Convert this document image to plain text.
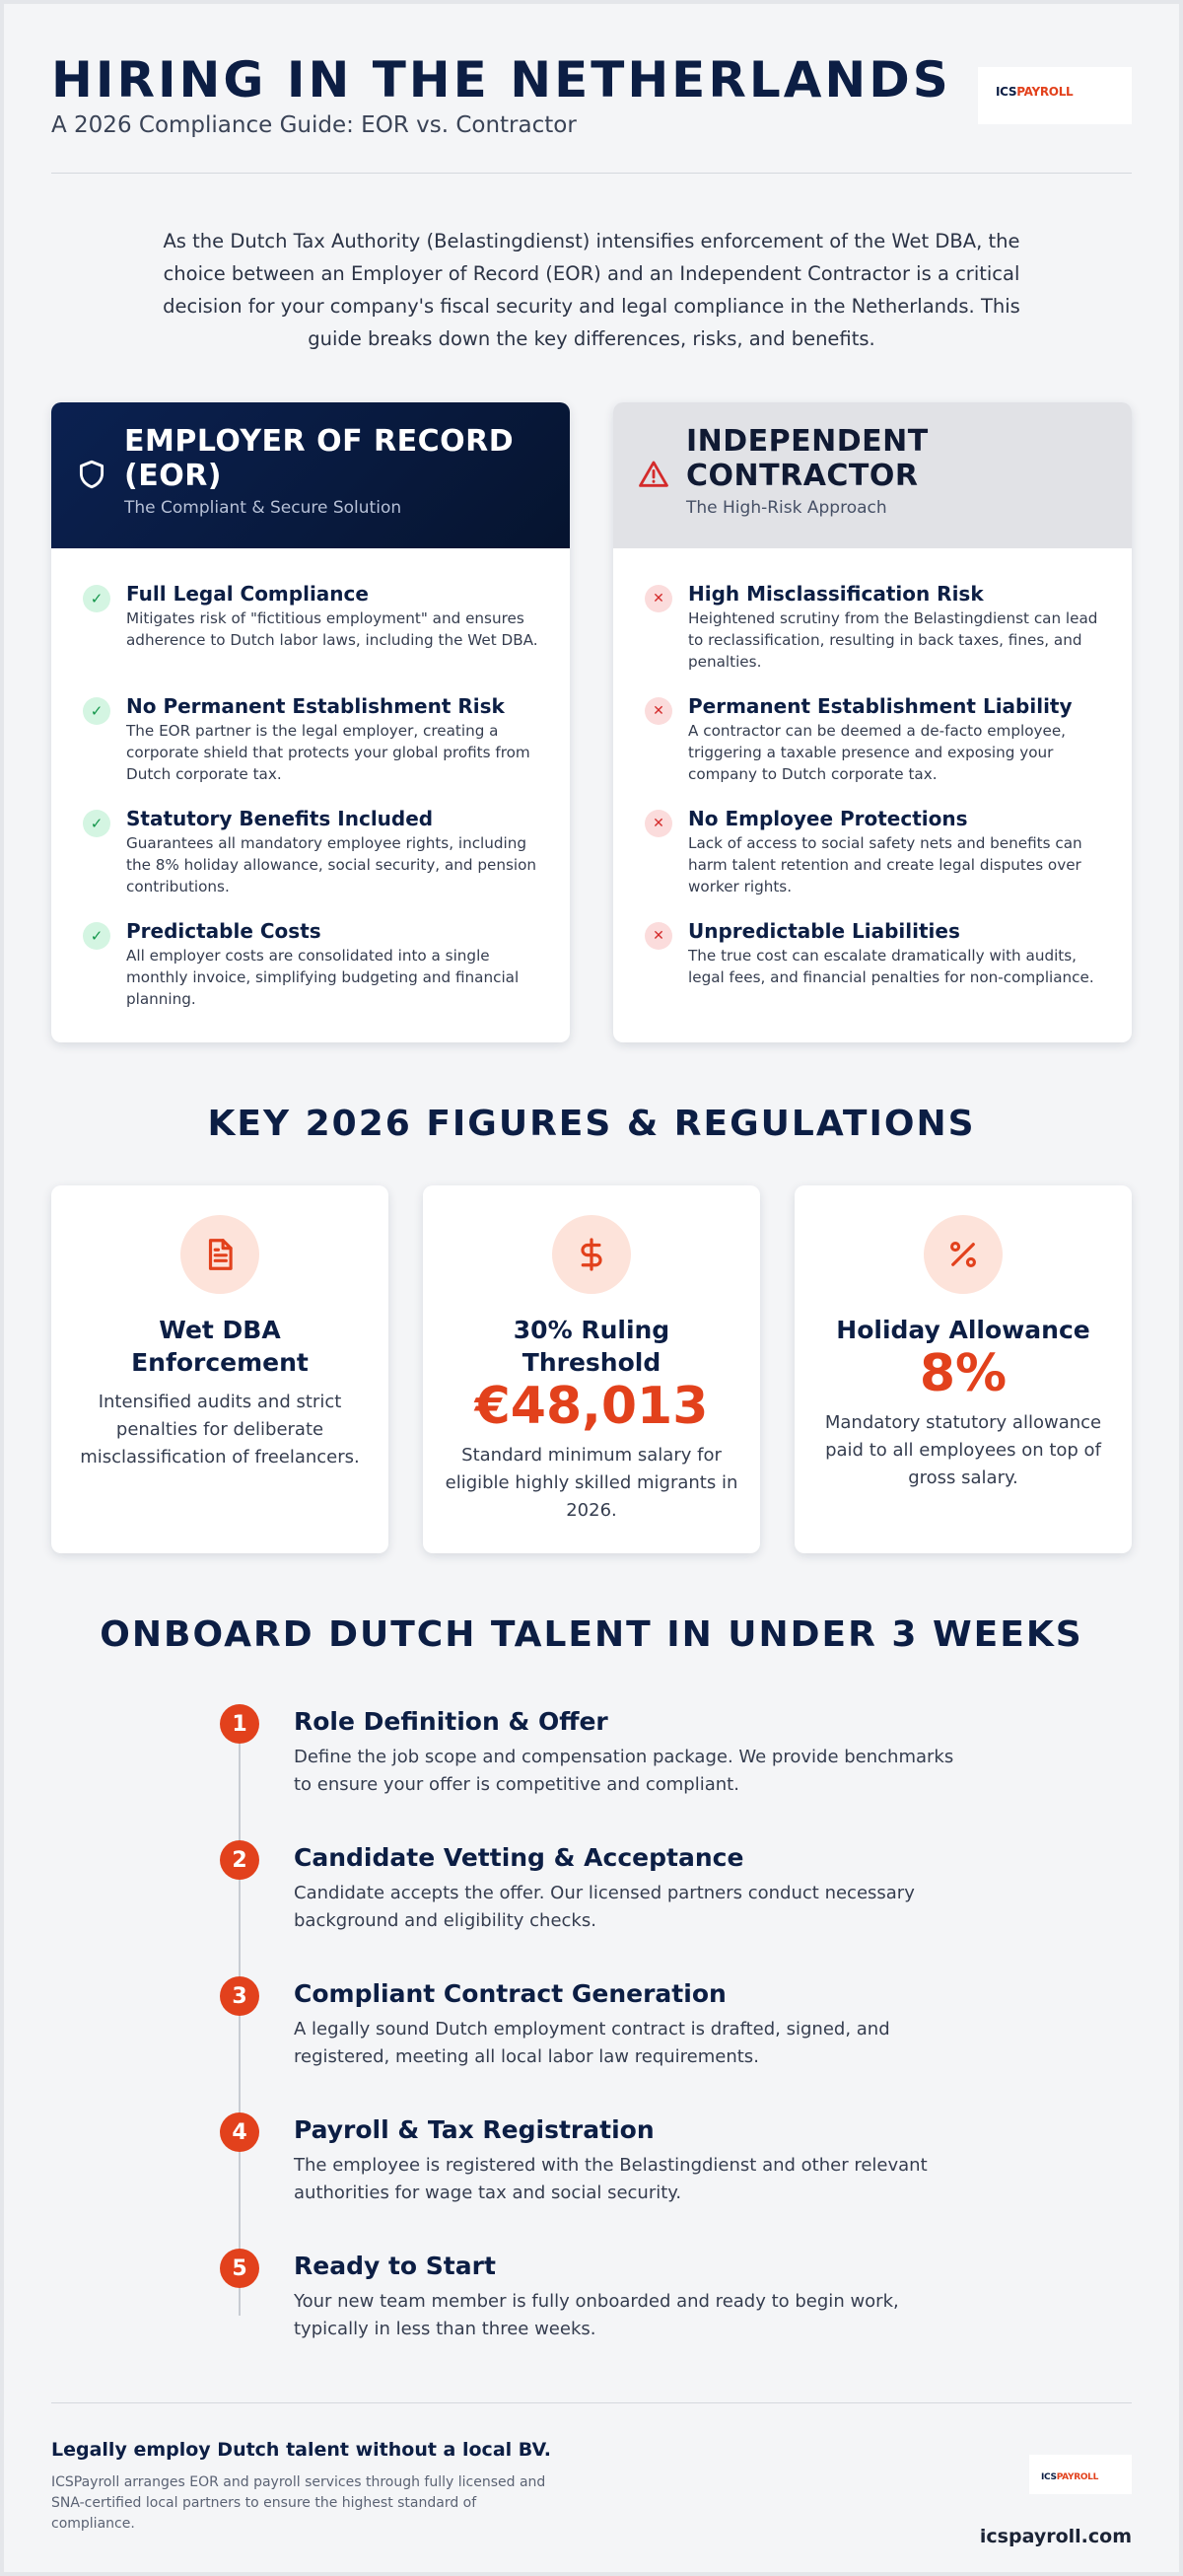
HIRING IN THE NETHERLANDS
A 2026 Compliance Guide: EOR vs. Contractor
ICSPAYROLL

As the Dutch Tax Authority (Belastingdienst) intensifies enforcement of the Wet DBA, the choice between an Employer of Record (EOR) and an Independent Contractor is a critical decision for your company's fiscal security and legal compliance in the Netherlands. This guide breaks down the key differences, risks, and benefits.

EMPLOYER OF RECORD (EOR)
The Compliant & Secure Solution
✓	Full Legal Compliance
Mitigates risk of "fictitious employment" and ensures adherence to Dutch labor laws, including the Wet DBA.
✓	No Permanent Establishment Risk
The EOR partner is the legal employer, creating a corporate shield that protects your global profits from Dutch corporate tax.
✓	Statutory Benefits Included
Guarantees all mandatory employee rights, including the 8% holiday allowance, social security, and pension contributions.
✓	Predictable Costs
All employer costs are consolidated into a single monthly invoice, simplifying budgeting and financial planning.
INDEPENDENT CONTRACTOR
The High-Risk Approach
✕	High Misclassification Risk
Heightened scrutiny from the Belastingdienst can lead to reclassification, resulting in back taxes, fines, and penalties.
✕	Permanent Establishment Liability
A contractor can be deemed a de-facto employee, triggering a taxable presence and exposing your company to Dutch corporate tax.
✕	No Employee Protections
Lack of access to social safety nets and benefits can harm talent retention and create legal disputes over worker rights.
✕	Unpredictable Liabilities
The true cost can escalate dramatically with audits, legal fees, and financial penalties for non-compliance.
KEY 2026 FIGURES & REGULATIONS
Wet DBA Enforcement
Intensified audits and strict penalties for deliberate misclassification of freelancers.
30% Ruling Threshold
€48,013
Standard minimum salary for eligible highly skilled migrants in 2026.
Holiday Allowance
8%
Mandatory statutory allowance paid to all employees on top of gross salary.
ONBOARD DUTCH TALENT IN UNDER 3 WEEKS
1	Role Definition & Offer
Define the job scope and compensation package. We provide benchmarks to ensure your offer is competitive and compliant.
2	Candidate Vetting & Acceptance
Candidate accepts the offer. Our licensed partners conduct necessary background and eligibility checks.
3	Compliant Contract Generation
A legally sound Dutch employment contract is drafted, signed, and registered, meeting all local labor law requirements.
4	Payroll & Tax Registration
The employee is registered with the Belastingdienst and other relevant authorities for wage tax and social security.
5	Ready to Start
Your new team member is fully onboarded and ready to begin work, typically in less than three weeks.
Legally employ Dutch talent without a local BV.
ICSPayroll arranges EOR and payroll services through fully licensed and SNA-certified local partners to ensure the highest standard of compliance.
ICSPAYROLL
icspayroll.com
